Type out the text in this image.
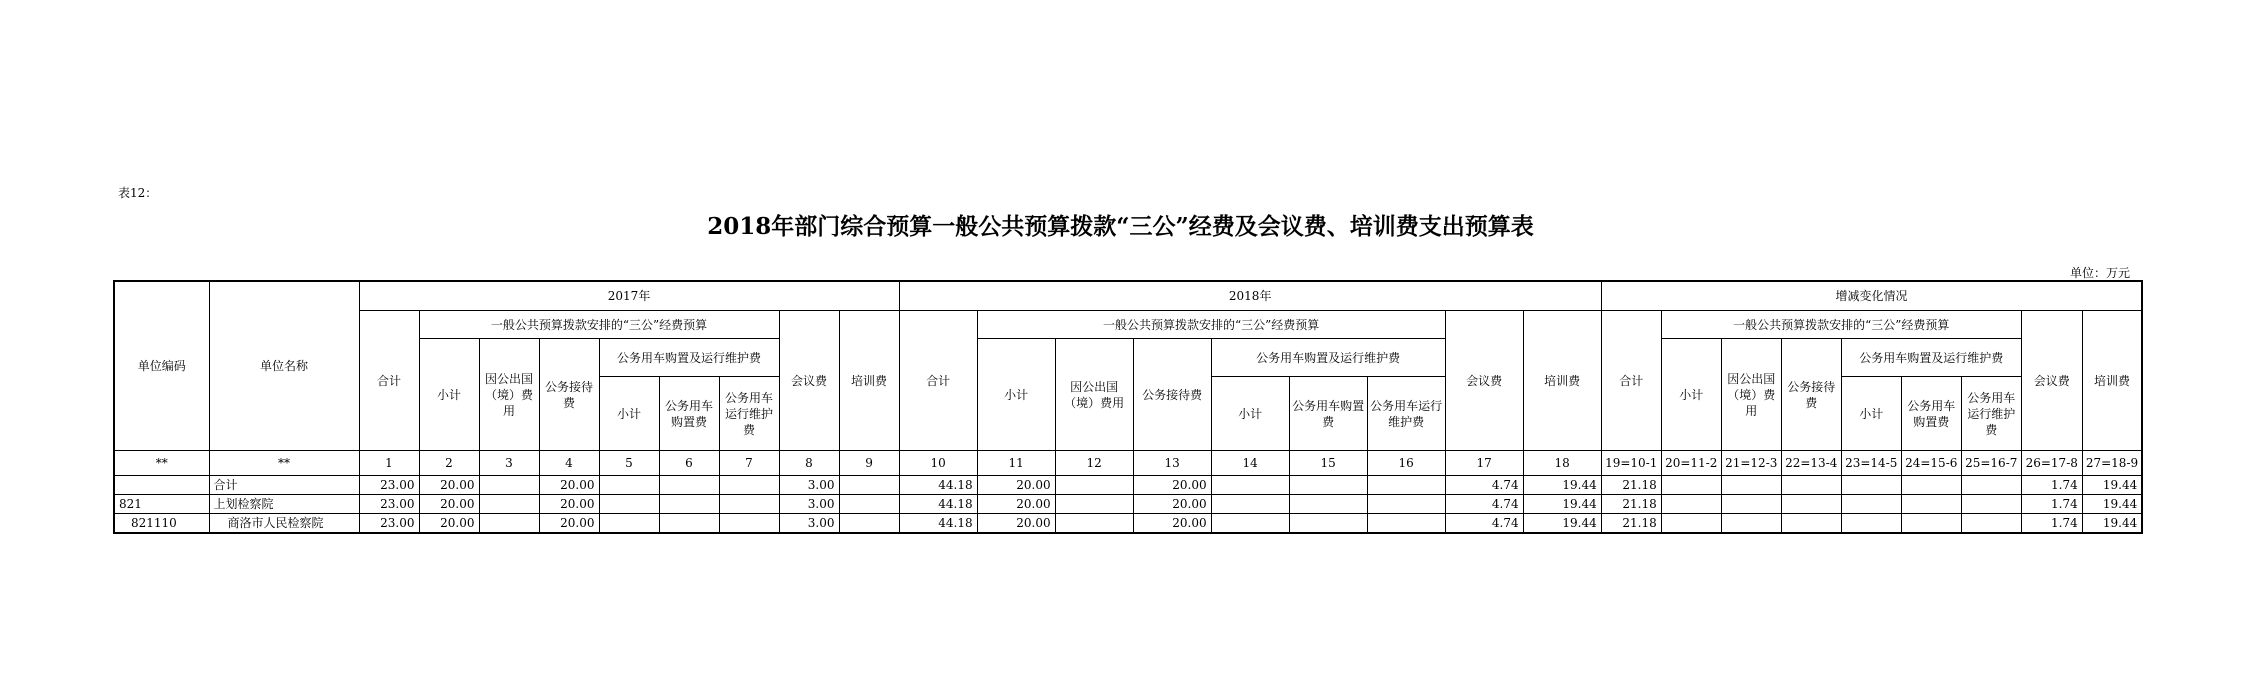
表12：
2018年部门综合预算一般公共预算拨款“三公”经费及会议费、培训费支出预算表
单位：万元
单位编码	单位名称	2017年									2018年									增减变化情况								
		合计	一般公共预算拨款安排的“三公”经费预算						会议费	培训费	合计	一般公共预算拨款安排的“三公”经费预算						会议费	培训费	合计	一般公共预算拨款安排的“三公”经费预算						会议费	培训费
			小计	因公出国（境）费用	公务接待费	公务用车购置及运行维护费						小计	因公出国（境）费用	公务接待费	公务用车购置及运行维护费						小计	因公出国（境）费用	公务接待费	公务用车购置及运行维护费				
						小计	公务用车购置费	公务用车运行维护费							小计	公务用车购置费	公务用车运行维护费							小计	公务用车购置费	公务用车运行维护费		
**	**	1	2	3	4	5	6	7	8	9	10	11	12	13	14	15	16	17	18	19=10-1	20=11-2	21=12-3	22=13-4	23=14-5	24=15-6	25=16-7	26=17-8	27=18-9
	合计	23.00	20.00		20.00				3.00		44.18	20.00		20.00				4.74	19.44	21.18							1.74	19.44
821	上划检察院	23.00	20.00		20.00				3.00		44.18	20.00		20.00				4.74	19.44	21.18							1.74	19.44
821110	商洛市人民检察院	23.00	20.00		20.00				3.00		44.18	20.00		20.00				4.74	19.44	21.18							1.74	19.44
